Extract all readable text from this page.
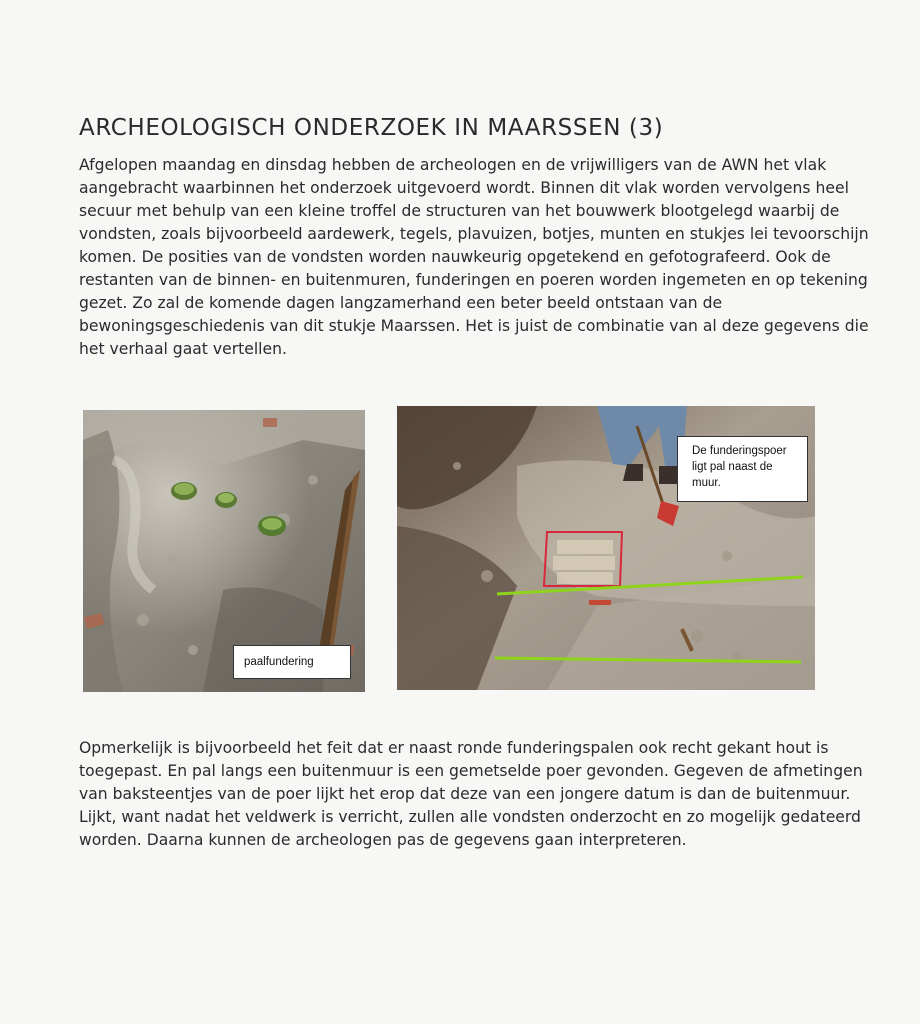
ARCHEOLOGISCH ONDERZOEK IN MAARSSEN (3)

Afgelopen maandag en dinsdag hebben de archeologen en de vrijwilligers van de AWN het vlak aangebracht waarbinnen het onderzoek uitgevoerd wordt. Binnen dit vlak worden vervolgens heel secuur met behulp van een kleine troffel de structuren van het bouwwerk blootgelegd waarbij de vondsten, zoals bijvoorbeeld aardewerk, tegels, plavuizen, botjes, munten en stukjes lei tevoorschijn komen. De posities van de vondsten worden nauwkeurig opgetekend en gefotografeerd. Ook de restanten van de binnen- en buitenmuren, funderingen en poeren worden ingemeten en op tekening gezet. Zo zal de komende dagen langzamerhand een beter beeld ontstaan van de bewoningsgeschiedenis van dit stukje Maarssen. Het is juist de combinatie van al deze gegevens die het verhaal gaat vertellen.

paalfundering
De funderingspoer ligt pal naast de muur.

Opmerkelijk is bijvoorbeeld het feit dat er naast ronde funderingspalen ook recht gekant hout is toegepast. En pal langs een buitenmuur is een gemetselde poer gevonden. Gegeven de afmetingen van baksteentjes van de poer lijkt het erop dat deze van een jongere datum is dan de buitenmuur. Lijkt, want nadat het veldwerk is verricht, zullen alle vondsten onderzocht en zo mogelijk gedateerd worden. Daarna kunnen de archeologen pas de gegevens gaan interpreteren.
